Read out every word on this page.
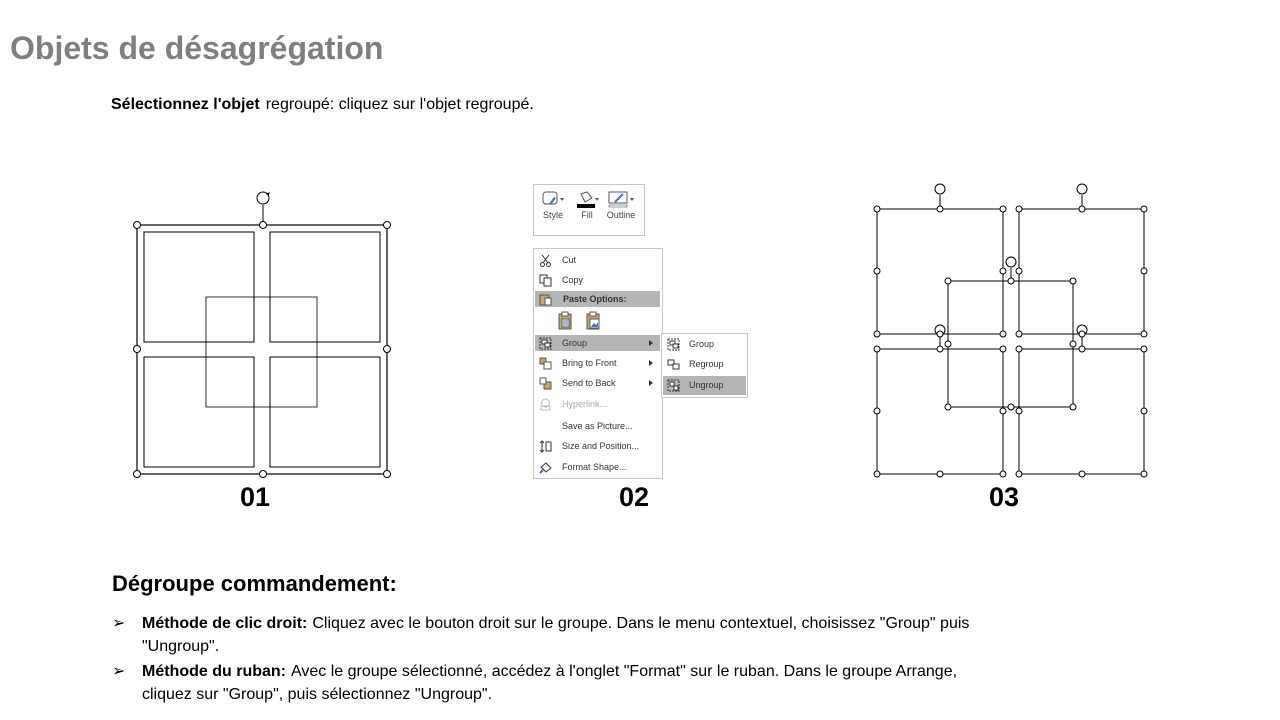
Objets de désagrégation
Sélectionnez l'objet regroupé: cliquez sur l'objet regroupé.
Style	Fill	Outline
Cut
Copy
Paste Options:
Group
Bring to Front
Send to Back
Hyperlink...
Save as Picture...
Size and Position...
Format Shape...
Group
Regroup
Ungroup
01	02	03
Dégroupe commandement:
➢	Méthode de clic droit: Cliquez avec le bouton droit sur le groupe. Dans le menu contextuel, choisissez "Group" puis "Ungroup".
➢	Méthode du ruban: Avec le groupe sélectionné, accédez à l'onglet "Format" sur le ruban. Dans le groupe Arrange, cliquez sur "Group", puis sélectionnez "Ungroup".
